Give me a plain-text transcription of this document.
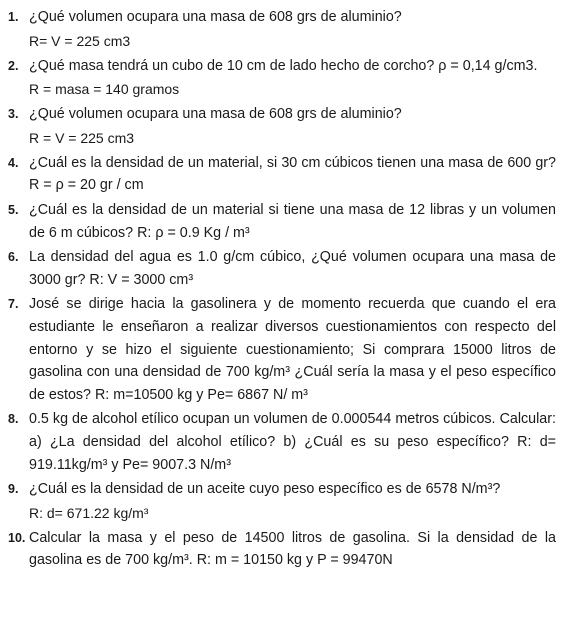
1. ¿Qué volumen ocupara una masa de 608 grs de aluminio?

R= V = 225 cm3

2. ¿Qué masa tendrá un cubo de 10 cm de lado hecho de corcho? ρ = 0,14 g/cm3.

R = masa = 140 gramos

3. ¿Qué volumen ocupara una masa de 608 grs de aluminio?

R = V = 225 cm3

4. ¿Cuál es la densidad de un material, si 30 cm cúbicos tienen una masa de 600 gr? R = ρ = 20 gr / cm

5. ¿Cuál es la densidad de un material si tiene una masa de 12 libras y un volumen de 6 m cúbicos? R: ρ = 0.9 Kg / m³

6. La densidad del agua es 1.0 g/cm cúbico, ¿Qué volumen ocupara una masa de 3000 gr? R: V = 3000 cm³

7. José se dirige hacia la gasolinera y de momento recuerda que cuando el era estudiante le enseñaron a realizar diversos cuestionamientos con respecto del entorno y se hizo el siguiente cuestionamiento; Si comprara 15000 litros de gasolina con una densidad de 700 kg/m³ ¿Cuál sería la masa y el peso específico de estos? R: m=10500 kg y Pe= 6867 N/ m³

8. 0.5 kg de alcohol etílico ocupan un volumen de 0.000544 metros cúbicos. Calcular: a) ¿La densidad del alcohol etílico? b) ¿Cuál es su peso específico? R: d= 919.11kg/m³ y Pe= 9007.3 N/m³

9. ¿Cuál es la densidad de un aceite cuyo peso específico es de 6578 N/m³?

R: d= 671.22 kg/m³

10. Calcular la masa y el peso de 14500 litros de gasolina. Si la densidad de la gasolina es de 700 kg/m³. R: m = 10150 kg y P = 99470N
